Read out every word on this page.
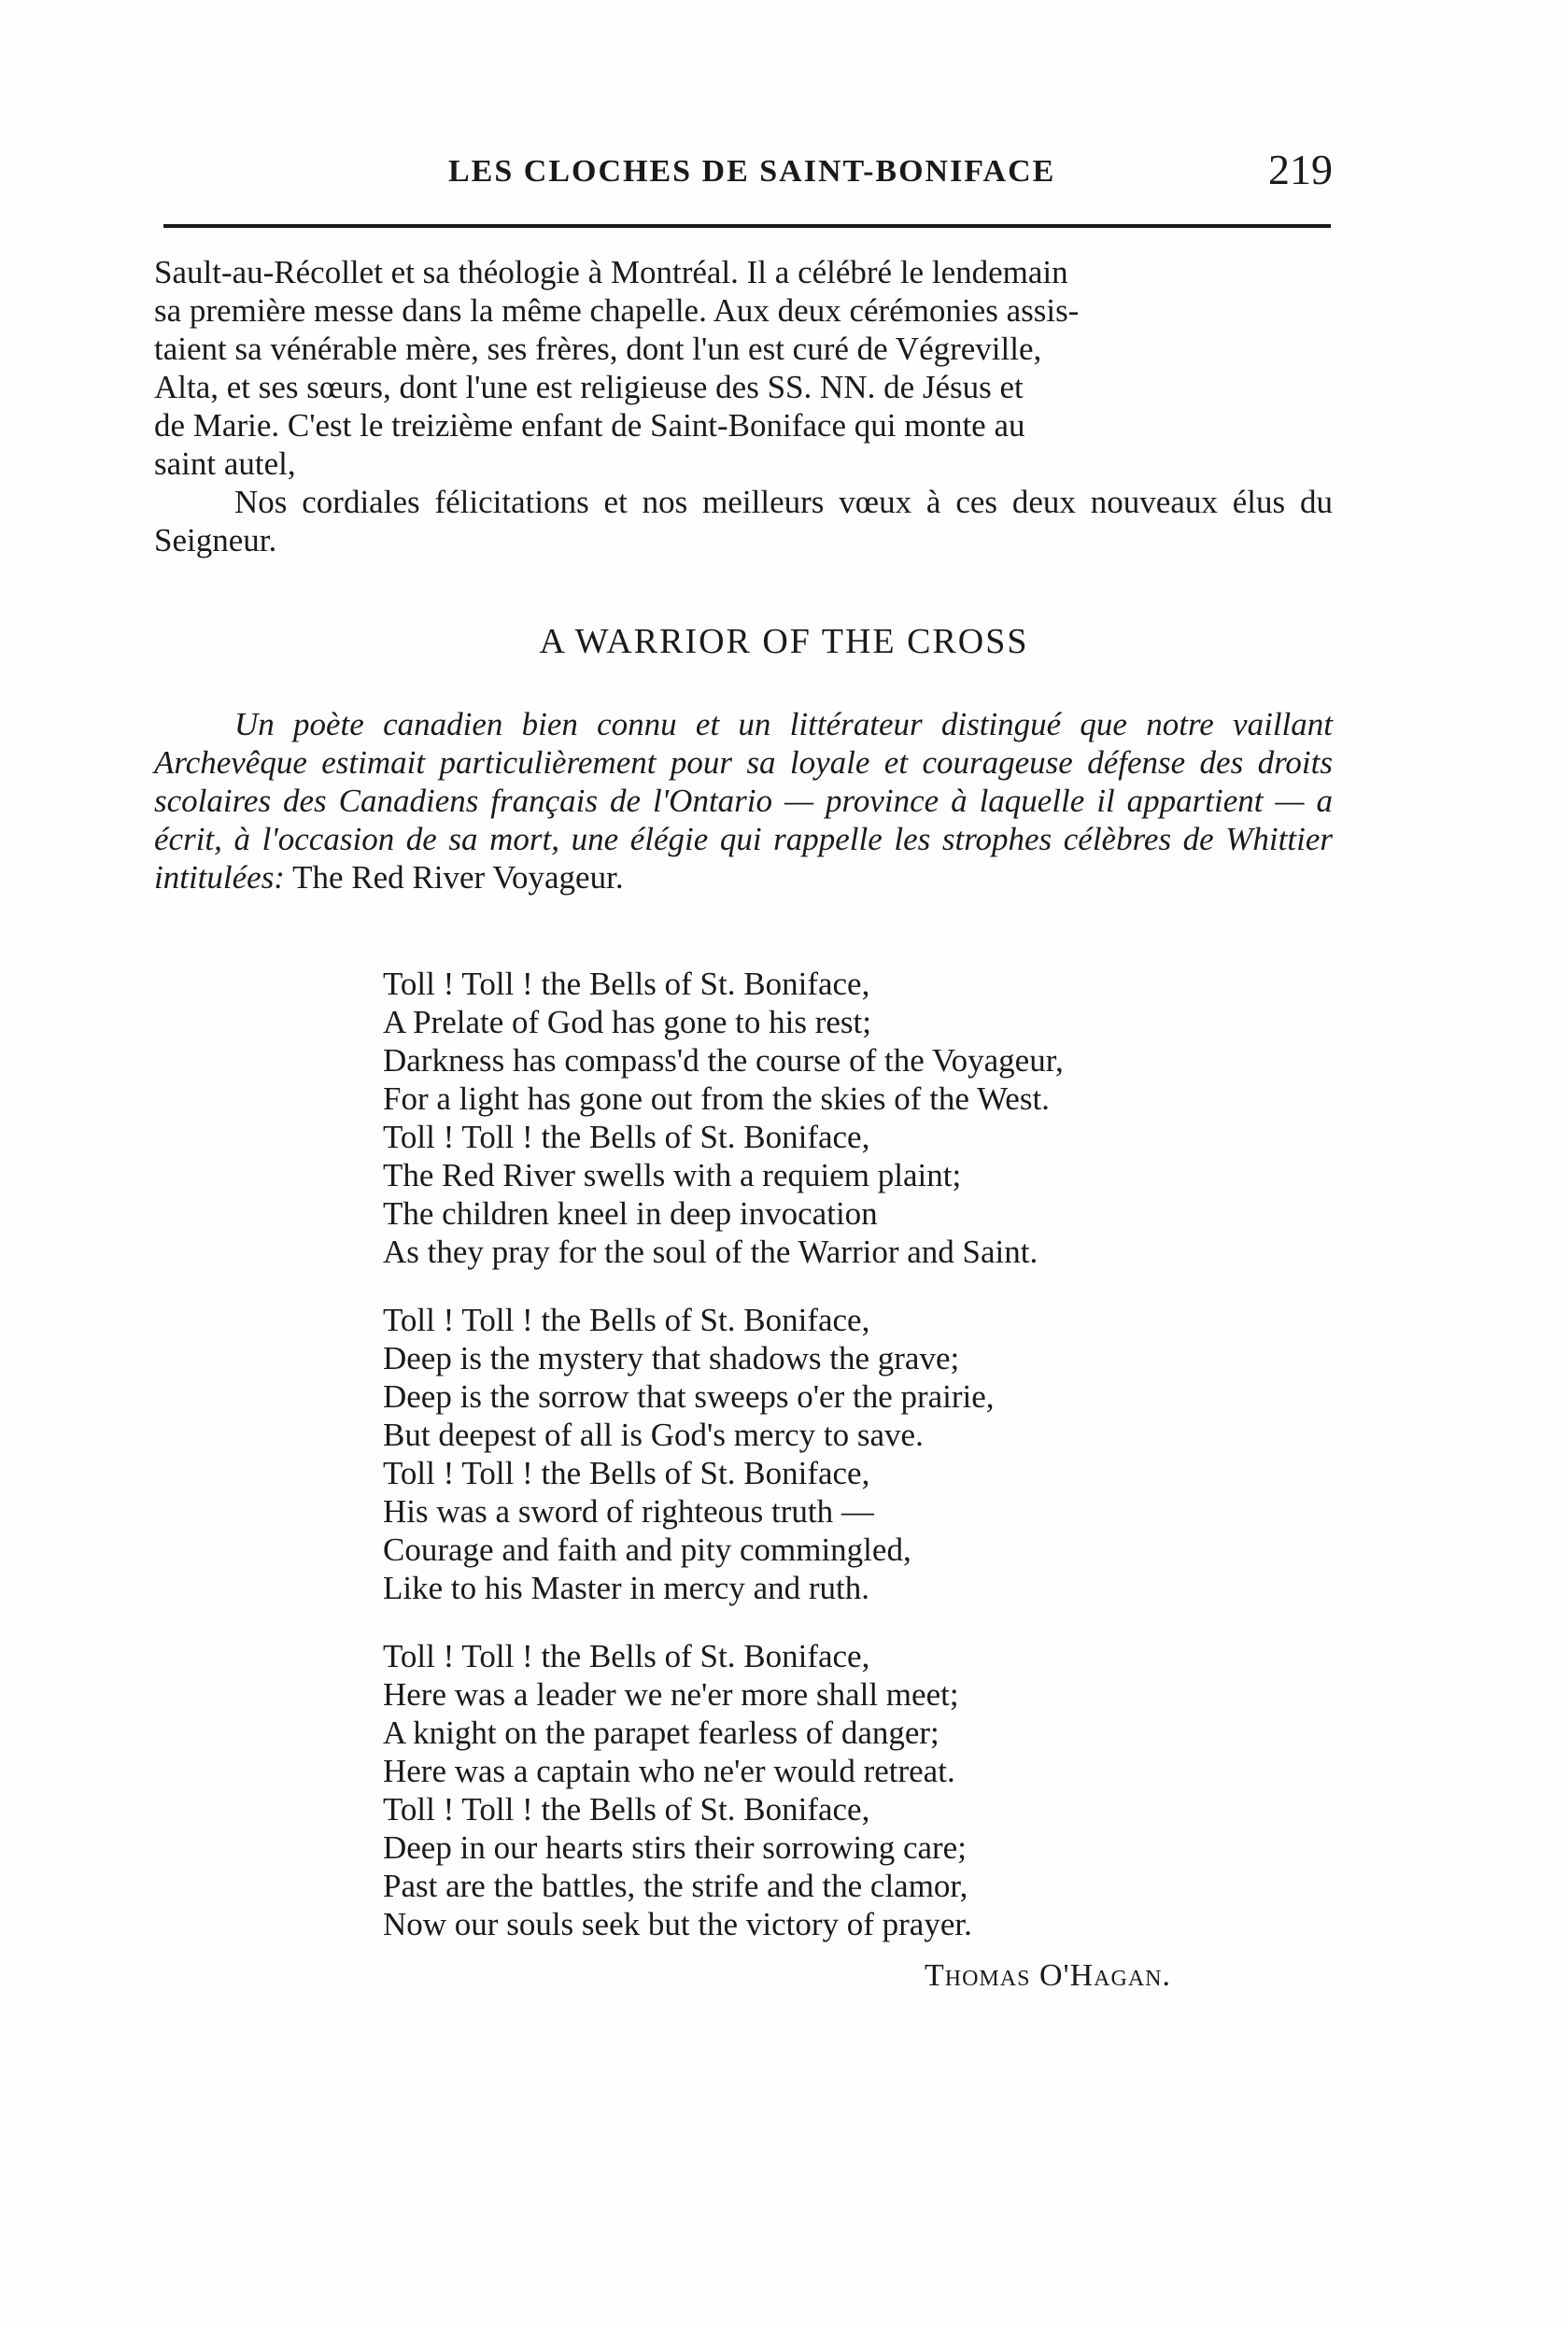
LES CLOCHES DE SAINT-BONIFACE	219

Sault-au-Récollet et sa théologie à Montréal. Il a célébré le lendemain

sa première messe dans la même chapelle. Aux deux cérémonies assis-

taient sa vénérable mère, ses frères, dont l'un est curé de Végreville,

Alta, et ses sœurs, dont l'une est religieuse des SS. NN. de Jésus et

de Marie. C'est le treizième enfant de Saint-Boniface qui monte au

saint autel,

Nos cordiales félicitations et nos meilleurs vœux à ces deux nouveaux élus du Seigneur.

A WARRIOR OF THE CROSS

Un poète canadien bien connu et un littérateur distingué que notre vaillant Archevêque estimait particulièrement pour sa loyale et courageuse défense des droits scolaires des Canadiens français de l'Ontario — province à laquelle il appartient — a écrit, à l'occasion de sa mort, une élégie qui rappelle les strophes célèbres de Whittier intitulées: The Red River Voyageur.

Toll ! Toll ! the Bells of St. Boniface,
A Prelate of God has gone to his rest;
Darkness has compass'd the course of the Voyageur,
For a light has gone out from the skies of the West.
Toll ! Toll ! the Bells of St. Boniface,
The Red River swells with a requiem plaint;
The children kneel in deep invocation
As they pray for the soul of the Warrior and Saint.
Toll ! Toll ! the Bells of St. Boniface,
Deep is the mystery that shadows the grave;
Deep is the sorrow that sweeps o'er the prairie,
But deepest of all is God's mercy to save.
Toll ! Toll ! the Bells of St. Boniface,
His was a sword of righteous truth —
Courage and faith and pity commingled,
Like to his Master in mercy and ruth.
Toll ! Toll ! the Bells of St. Boniface,
Here was a leader we ne'er more shall meet;
A knight on the parapet fearless of danger;
Here was a captain who ne'er would retreat.
Toll ! Toll ! the Bells of St. Boniface,
Deep in our hearts stirs their sorrowing care;
Past are the battles, the strife and the clamor,
Now our souls seek but the victory of prayer.
Thomas O'Hagan.
